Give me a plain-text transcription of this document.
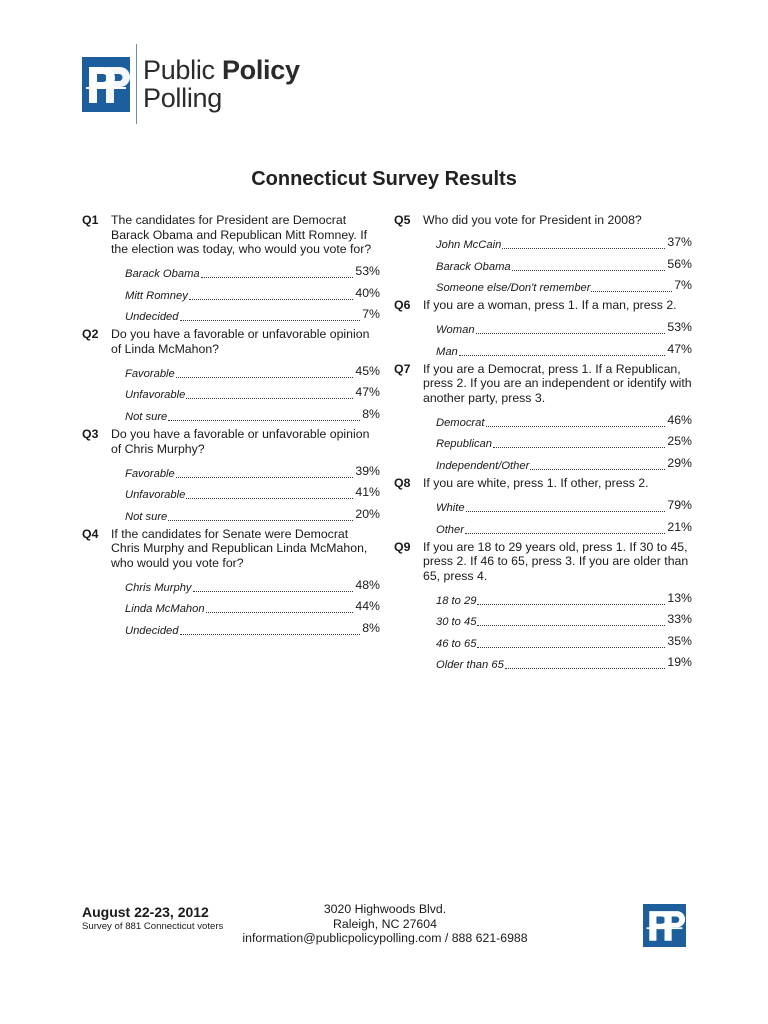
Public Policy
Polling
Connecticut Survey Results
Q1	The candidates for President are Democrat Barack Obama and Republican Mitt Romney. If the election was today, who would you vote for?
Barack Obama	53%
Mitt Romney	40%
Undecided	7%
Q2	Do you have a favorable or unfavorable opinion of Linda McMahon?
Favorable	45%
Unfavorable	47%
Not sure	8%
Q3	Do you have a favorable or unfavorable opinion of Chris Murphy?
Favorable	39%
Unfavorable	41%
Not sure	20%
Q4	If the candidates for Senate were Democrat Chris Murphy and Republican Linda McMahon, who would you vote for?
Chris Murphy	48%
Linda McMahon	44%
Undecided	8%
Q5	Who did you vote for President in 2008?
John McCain	37%
Barack Obama	56%
Someone else/Don't remember	7%
Q6	If you are a woman, press 1. If a man, press 2.
Woman	53%
Man	47%
Q7	If you are a Democrat, press 1. If a Republican, press 2. If you are an independent or identify with another party, press 3.
Democrat	46%
Republican	25%
Independent/Other	29%
Q8	If you are white, press 1. If other, press 2.
White	79%
Other	21%
Q9	If you are 18 to 29 years old, press 1. If 30 to 45, press 2. If 46 to 65, press 3. If you are older than 65, press 4.
18 to 29	13%
30 to 45	33%
46 to 65	35%
Older than 65	19%
August 22-23, 2012
Survey of 881 Connecticut voters
3020 Highwoods Blvd.
Raleigh, NC 27604
information@publicpolicypolling.com / 888 621-6988
